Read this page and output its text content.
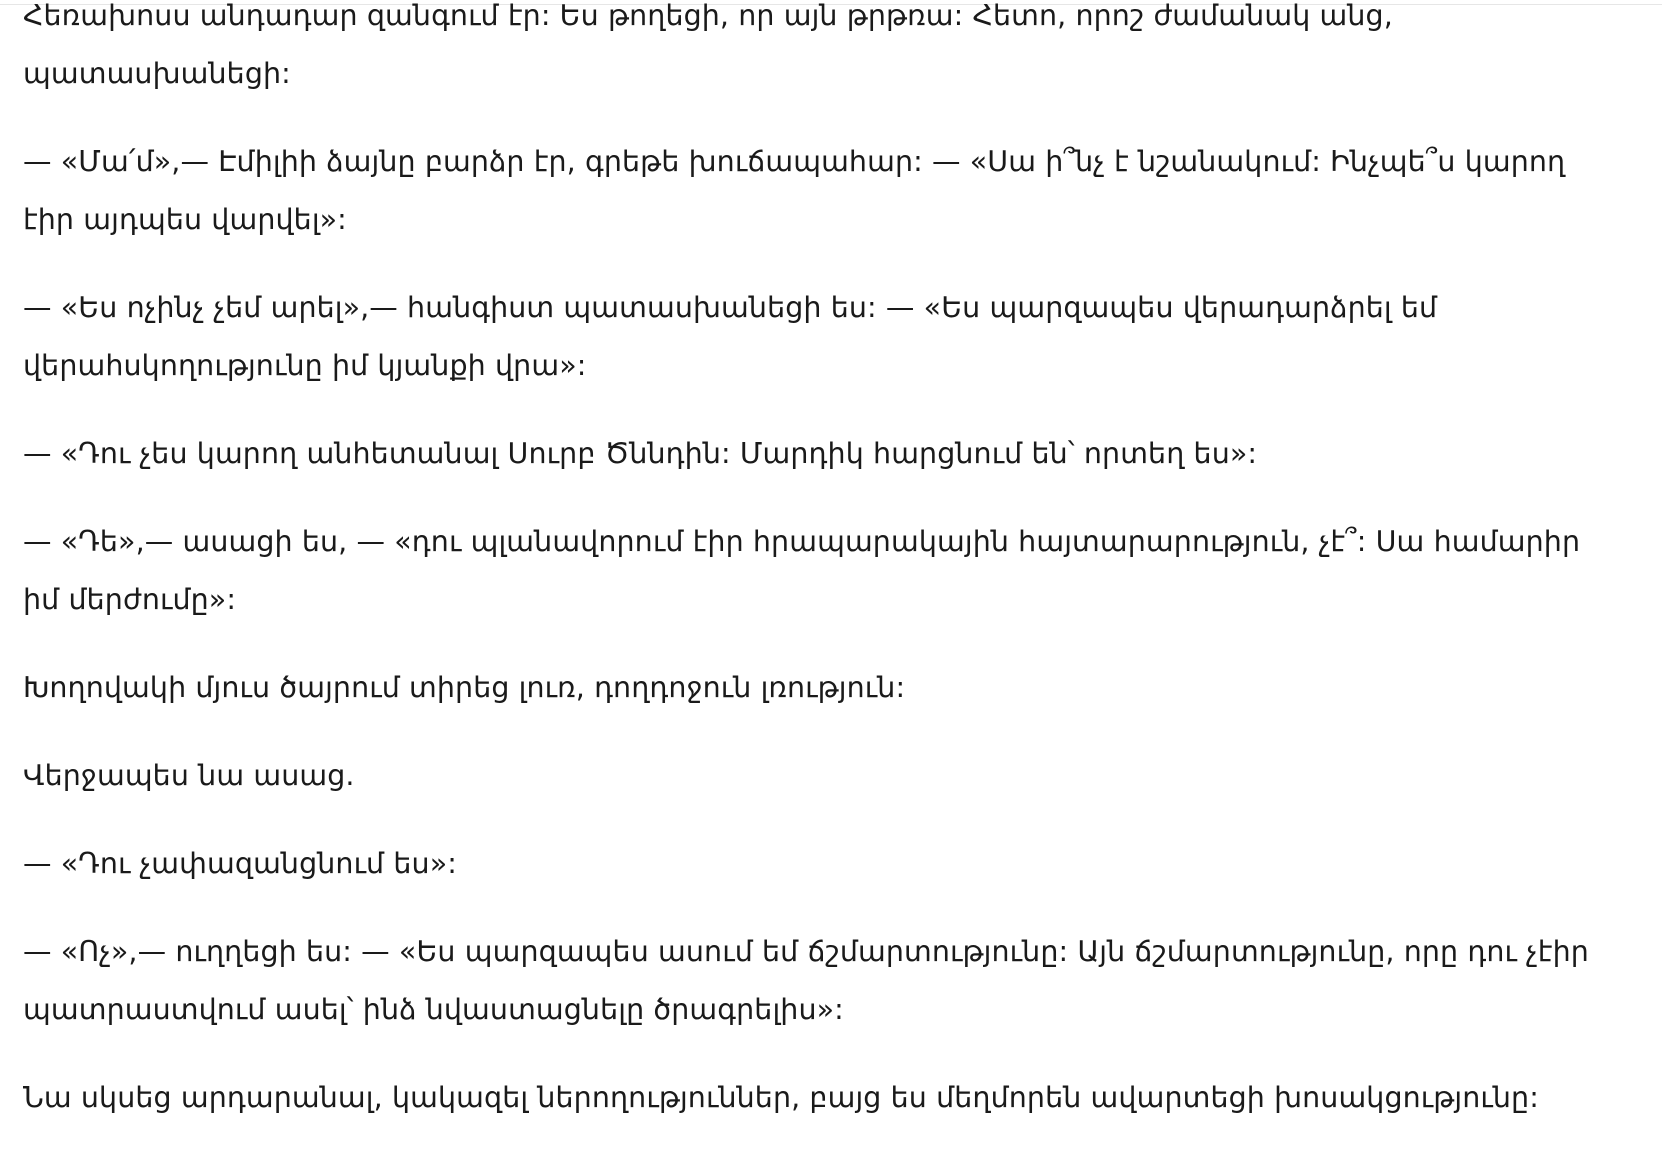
Հեռախոսս անդադար զանգում էր: Ես թողեցի, որ այն թրթռա: Հետո, որոշ ժամանակ անց, պատասխանեցի:

— «Մա՛մ»,— Էմիլիի ձայնը բարձր էր, գրեթե խուճապահար: — «Սա ի՞նչ է նշանակում: Ինչպե՞ս կարող էիր այդպես վարվել»:

— «Ես ոչինչ չեմ արել»,— հանգիստ պատասխանեցի ես: — «Ես պարզապես վերադարձրել եմ վերահսկողությունը իմ կյանքի վրա»:

— «Դու չես կարող անհետանալ Սուրբ Ծննդին: Մարդիկ հարցնում են՝ որտեղ ես»:

— «Դե»,— ասացի ես, — «դու պլանավորում էիր հրապարակային հայտարարություն, չէ՞: Սա համարիր իմ մերժումը»:

Խողովակի մյուս ծայրում տիրեց լուռ, դողդոջուն լռություն:

Վերջապես նա ասաց.

— «Դու չափազանցնում ես»:

— «Ոչ»,— ուղղեցի ես: — «Ես պարզապես ասում եմ ճշմարտությունը: Այն ճշմարտությունը, որը դու չէիր պատրաստվում ասել՝ ինձ նվաստացնելը ծրագրելիս»:

Նա սկսեց արդարանալ, կակազել ներողություններ, բայց ես մեղմորեն ավարտեցի խոսակցությունը:
